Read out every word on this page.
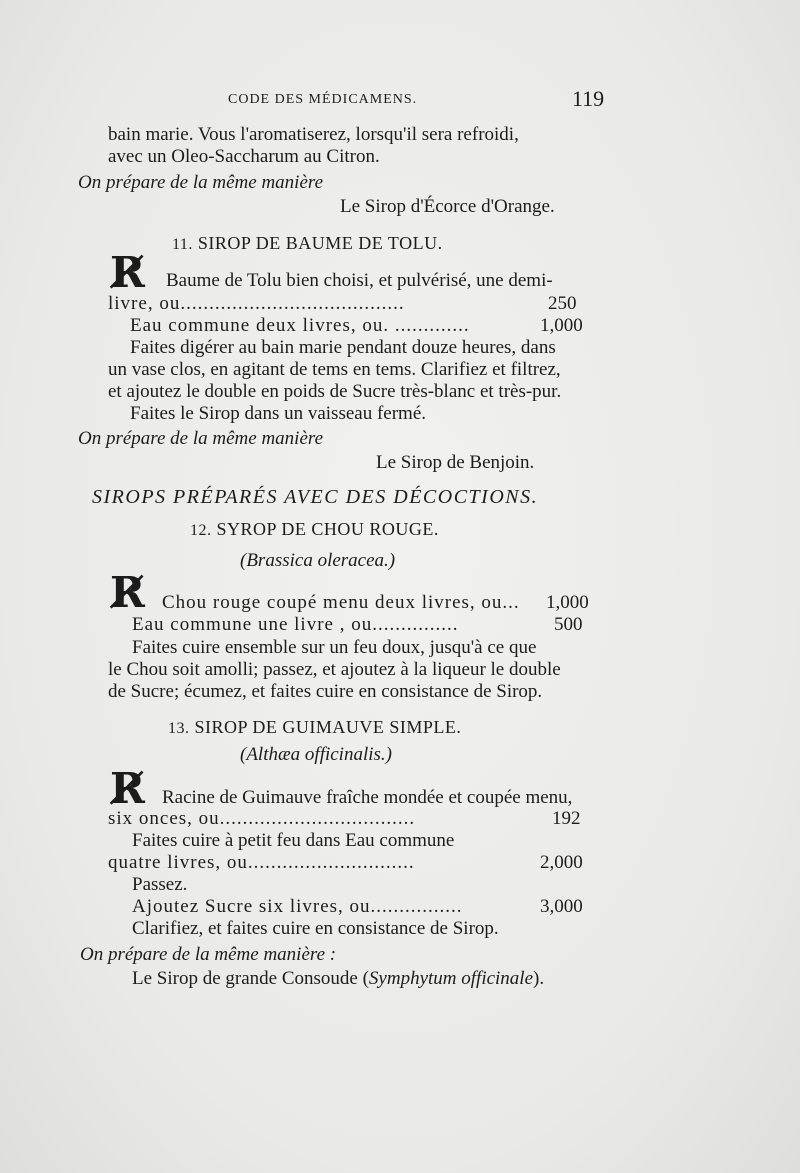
CODE DES MÉDICAMENS.	119
bain marie. Vous l'aromatiserez, lorsqu'il sera refroidi,
avec un Oleo-Saccharum au Citron.
On prépare de la même manière
Le Sirop d'Écorce d'Orange.
11. SIROP DE BAUME DE TOLU.
R̸ Baume de Tolu bien choisi, et pulvérisé, une demi-
livre, ou.......................................	250
Eau commune deux livres, ou. .............	1,000
Faites digérer au bain marie pendant douze heures, dans
un vase clos, en agitant de tems en tems. Clarifiez et filtrez,
et ajoutez le double en poids de Sucre très-blanc et très-pur.
Faites le Sirop dans un vaisseau fermé.
On prépare de la même manière
Le Sirop de Benjoin.
SIROPS PRÉPARÉS AVEC DES DÉCOCTIONS.
12. SYROP DE CHOU ROUGE.
(Brassica oleracea.)
R̸ Chou rouge coupé menu deux livres, ou... 1,000
Eau commune une livre , ou...............	500
Faites cuire ensemble sur un feu doux, jusqu'à ce que
le Chou soit amolli; passez, et ajoutez à la liqueur le double
de Sucre; écumez, et faites cuire en consistance de Sirop.
13. SIROP DE GUIMAUVE SIMPLE.
(Althæa officinalis.)
R̸ Racine de Guimauve fraîche mondée et coupée menu,
six onces, ou..................................	192
Faites cuire à petit feu dans Eau commune
quatre livres, ou.............................	2,000
Passez.
Ajoutez Sucre six livres, ou................	3,000
Clarifiez, et faites cuire en consistance de Sirop.
On prépare de la même manière :
Le Sirop de grande Consoude (Symphytum officinale).
